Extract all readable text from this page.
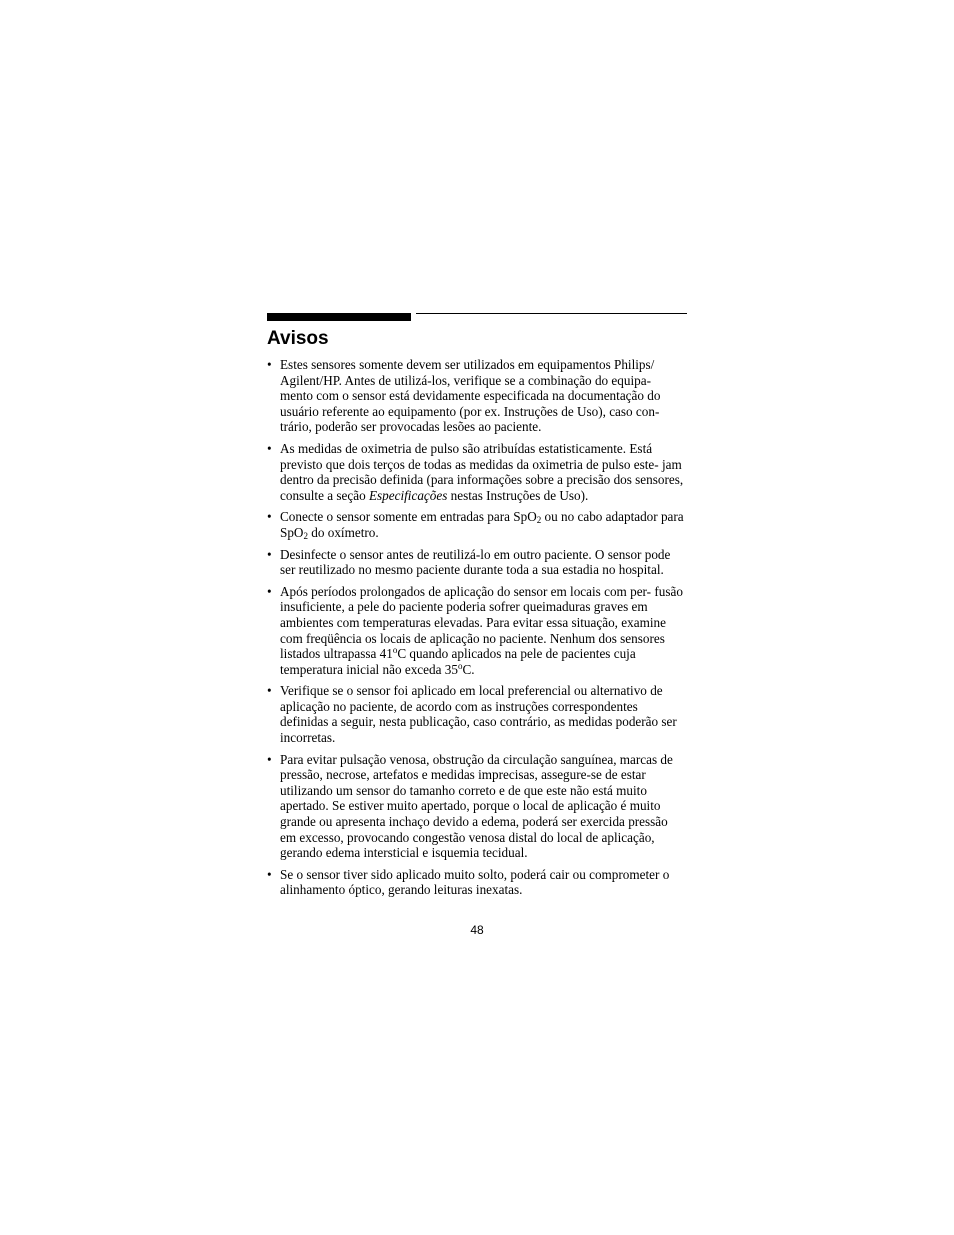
Avisos
• Estes sensores somente devem ser utilizados em equipamentos Philips/ Agilent/HP. Antes de utilizá-los, verifique se a combinação do equipa- mento com o sensor está devidamente especificada na documentação do usuário referente ao equipamento (por ex. Instruções de Uso), caso con- trário, poderão ser provocadas lesões ao paciente.
• As medidas de oximetria de pulso são atribuídas estatisticamente. Está previsto que dois terços de todas as medidas da oximetria de pulso este- jam dentro da precisão definida (para informações sobre a precisão dos sensores, consulte a seção Especificações nestas Instruções de Uso).
• Conecte o sensor somente em entradas para SpO$_2$ ou no cabo adaptador para SpO$_2$ do oxímetro.
• Desinfecte o sensor antes de reutilizá-lo em outro paciente. O sensor pode ser reutilizado no mesmo paciente durante toda a sua estadia no hospital.
• Após períodos prolongados de aplicação do sensor em locais com per- fusão insuficiente, a pele do paciente poderia sofrer queimaduras graves em ambientes com temperaturas elevadas. Para evitar essa situação, examine com freqüência os locais de aplicação no paciente. Nenhum dos sensores listados ultrapassa 41$^o$C quando aplicados na pele de pacientes cuja temperatura inicial não exceda 35$^o$C.
• Verifique se o sensor foi aplicado em local preferencial ou alternativo de aplicação no paciente, de acordo com as instruções correspondentes definidas a seguir, nesta publicação, caso contrário, as medidas poderão ser incorretas.
• Para evitar pulsação venosa, obstrução da circulação sanguínea, marcas de pressão, necrose, artefatos e medidas imprecisas, assegure-se de estar utilizando um sensor do tamanho correto e de que este não está muito apertado. Se estiver muito apertado, porque o local de aplicação é muito grande ou apresenta inchaço devido a edema, poderá ser exercida pressão em excesso, provocando congestão venosa distal do local de aplicação, gerando edema intersticial e isquemia tecidual.
• Se o sensor tiver sido aplicado muito solto, poderá cair ou comprometer o alinhamento óptico, gerando leituras inexatas.
48
